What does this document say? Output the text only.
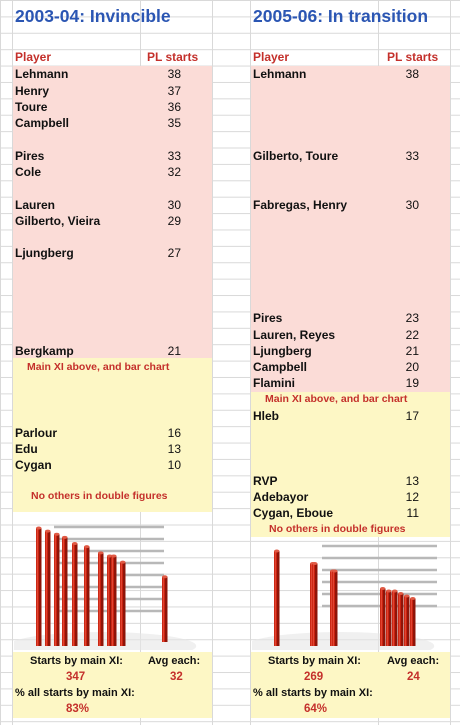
2003-04: Invincible	2005-06: In transition
Player	PL starts	Player	PL starts
Lehmann	38
Henry	37
Toure	36
Campbell	35
Pires	33
Cole	32
Lauren	30
Gilberto, Vieira	29
Ljungberg	27
Bergkamp	21
Main XI above, and bar chart
Parlour	16
Edu	13
Cygan	10
No others in double figures
Lehmann	38
Gilberto, Toure	33
Fabregas, Henry	30
Pires	23
Lauren, Reyes	22
Ljungberg	21
Campbell	20
Flamini	19
Main XI above, and bar chart
Hleb	17
RVP	13
Adebayor	12
Cygan, Eboue	11
No others in double figures
Starts by main XI: Avg each:
347	32
% all starts by main XI:
83%
Starts by main XI: Avg each:
269	24
% all starts by main XI:
64%
